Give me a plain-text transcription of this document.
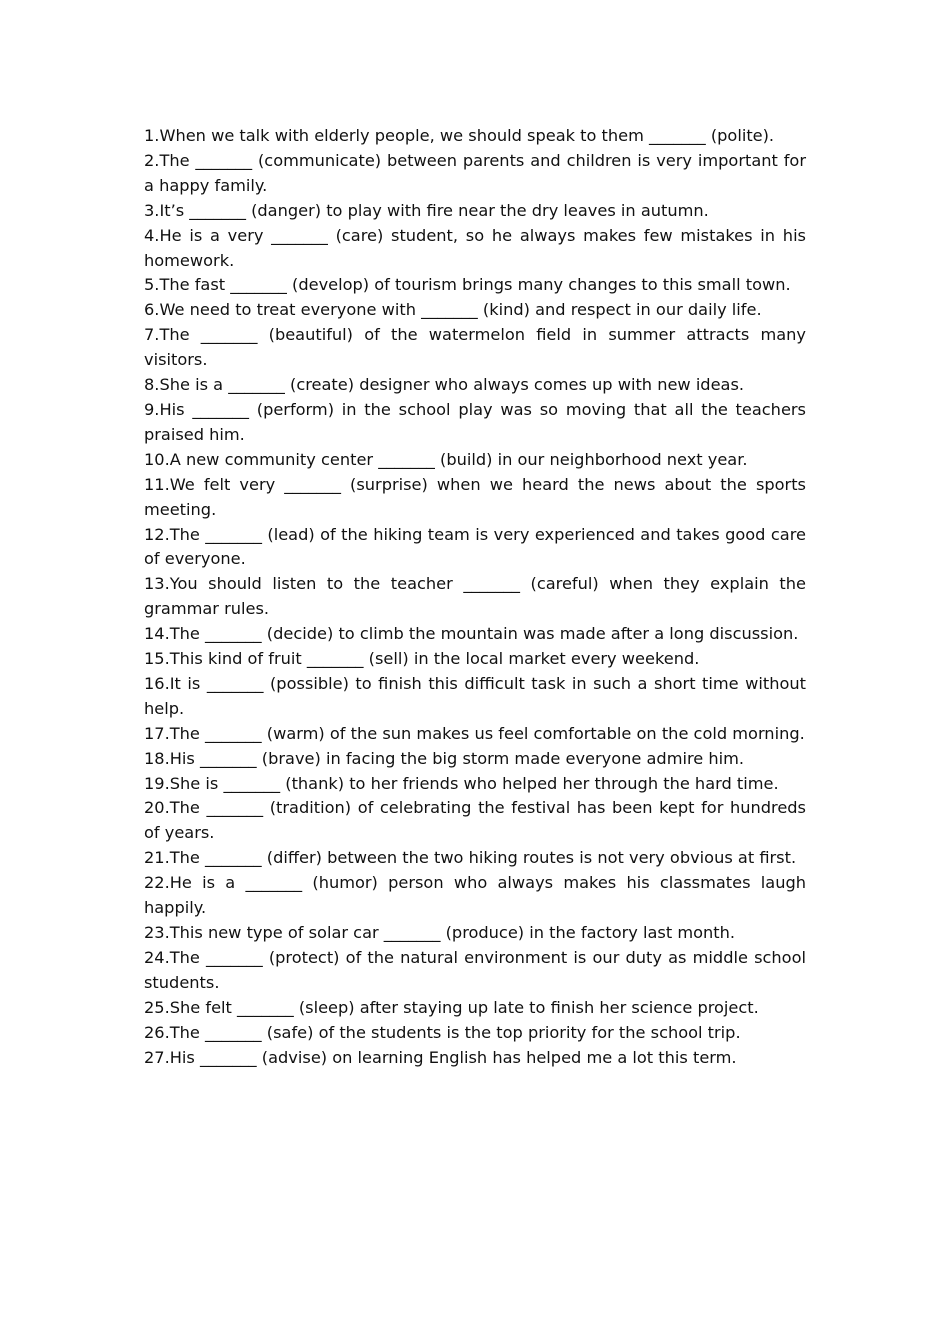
1.When we talk with elderly people, we should speak to them _______ (polite).

2.The _______ (communicate) between parents and children is very important for a happy family.

3.It’s _______ (danger) to play with fire near the dry leaves in autumn.

4.He is a very _______ (care) student, so he always makes few mistakes in his homework.

5.The fast _______ (develop) of tourism brings many changes to this small town.

6.We need to treat everyone with _______ (kind) and respect in our daily life.

7.The _______ (beautiful) of the watermelon field in summer attracts many visitors.

8.She is a _______ (create) designer who always comes up with new ideas.

9.His _______ (perform) in the school play was so moving that all the teachers praised him.

10.A new community center _______ (build) in our neighborhood next year.

11.We felt very _______ (surprise) when we heard the news about the sports meeting.

12.The _______ (lead) of the hiking team is very experienced and takes good care of everyone.

13.You should listen to the teacher _______ (careful) when they explain the grammar rules.

14.The _______ (decide) to climb the mountain was made after a long discussion.

15.This kind of fruit _______ (sell) in the local market every weekend.

16.It is _______ (possible) to finish this difficult task in such a short time without help.

17.The _______ (warm) of the sun makes us feel comfortable on the cold morning.

18.His _______ (brave) in facing the big storm made everyone admire him.

19.She is _______ (thank) to her friends who helped her through the hard time.

20.The _______ (tradition) of celebrating the festival has been kept for hundreds of years.

21.The _______ (differ) between the two hiking routes is not very obvious at first.

22.He is a _______ (humor) person who always makes his classmates laugh happily.

23.This new type of solar car _______ (produce) in the factory last month.

24.The _______ (protect) of the natural environment is our duty as middle school students.

25.She felt _______ (sleep) after staying up late to finish her science project.

26.The _______ (safe) of the students is the top priority for the school trip.

27.His _______ (advise) on learning English has helped me a lot this term.
